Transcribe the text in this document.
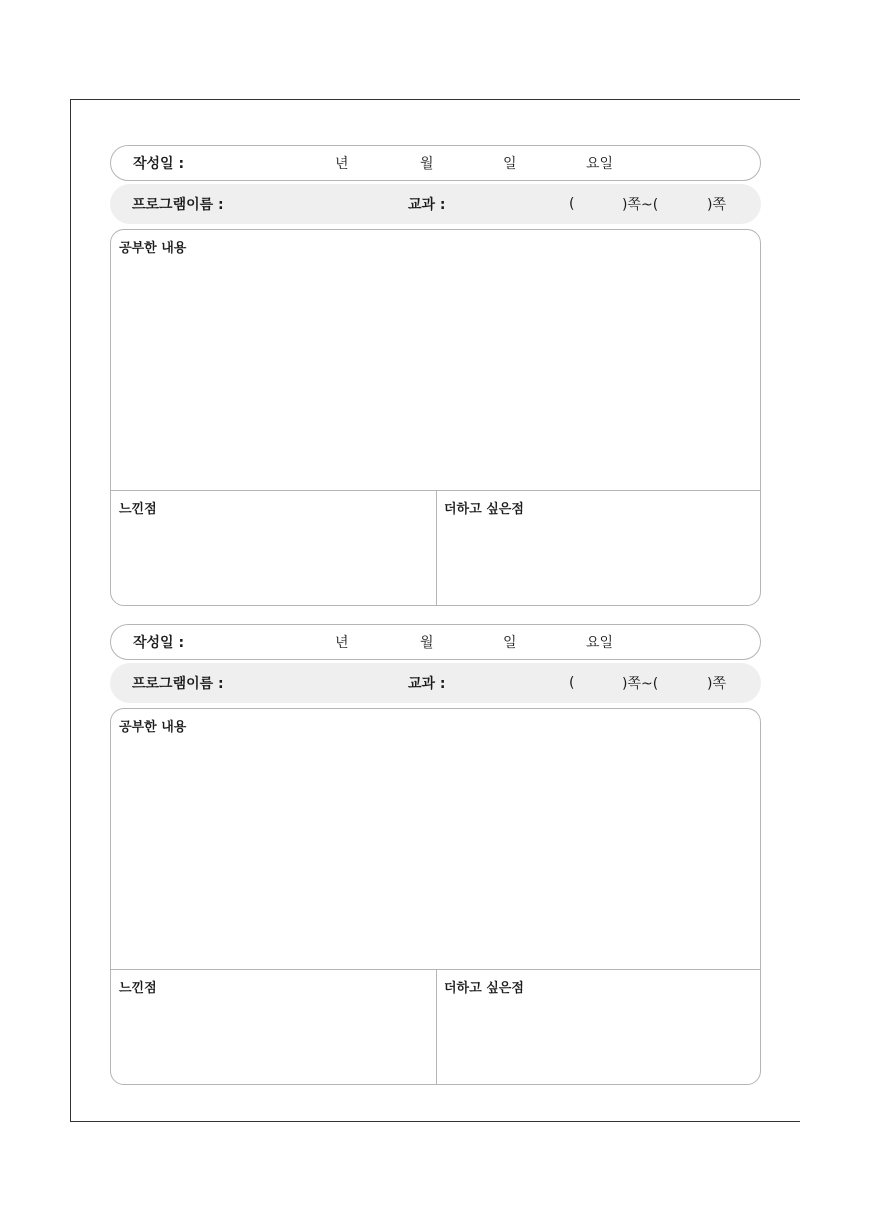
작성일 :	년	월	일	요일
프로그램이름 :	교과 :	(	)쪽~(	)쪽
공부한 내용
느낀점	더하고 싶은점
작성일 :	년	월	일	요일
프로그램이름 :	교과 :	(	)쪽~(	)쪽
공부한 내용
느낀점	더하고 싶은점
